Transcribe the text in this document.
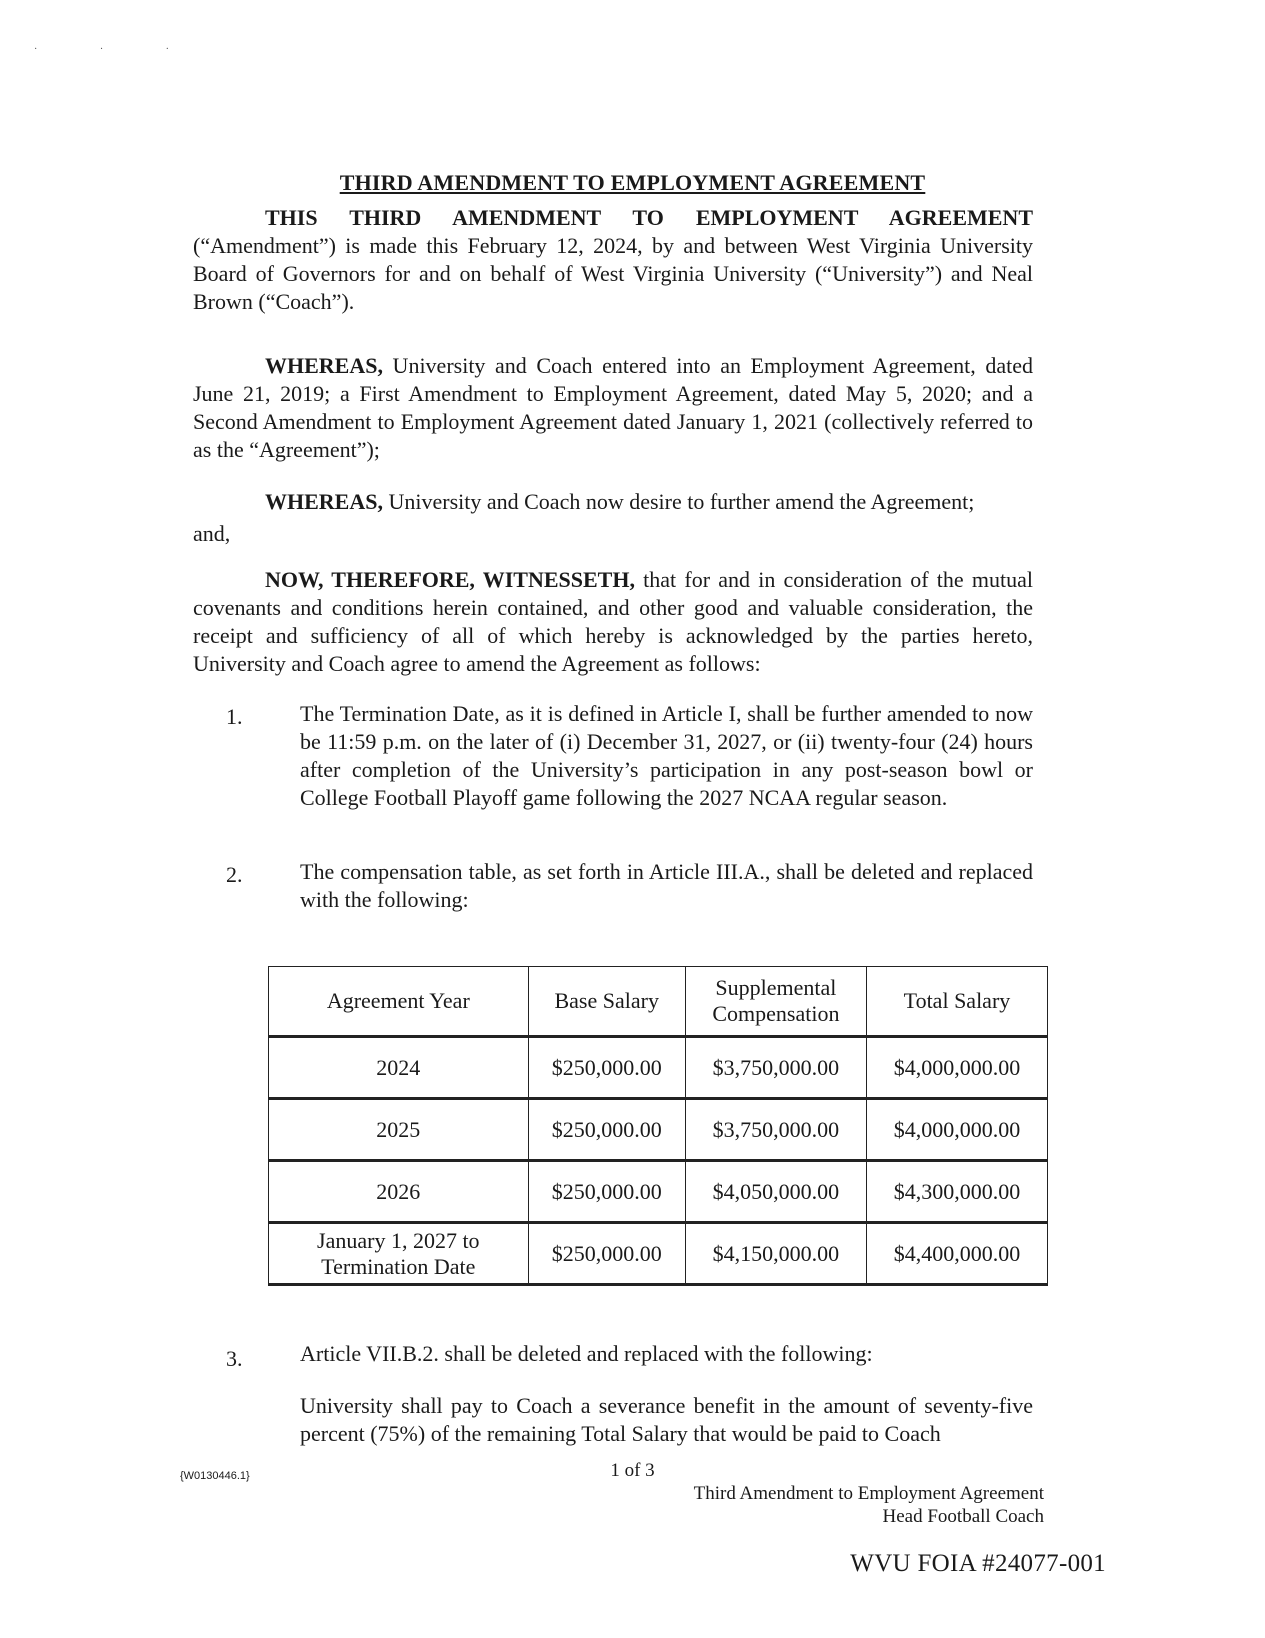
· · ·
THIRD AMENDMENT TO EMPLOYMENT AGREEMENT

THIS THIRD AMENDMENT TO EMPLOYMENT AGREEMENT (“Amendment”) is made this February 12, 2024, by and between West Virginia University Board of Governors for and on behalf of West Virginia University (“University”) and Neal Brown (“Coach”).

WHEREAS, University and Coach entered into an Employment Agreement, dated June 21, 2019; a First Amendment to Employment Agreement, dated May 5, 2020; and a Second Amendment to Employment Agreement dated January 1, 2021 (collectively referred to as the “Agreement”);

WHEREAS, University and Coach now desire to further amend the Agreement;

and,

NOW, THEREFORE, WITNESSETH, that for and in consideration of the mutual covenants and conditions herein contained, and other good and valuable consideration, the receipt and sufficiency of all of which hereby is acknowledged by the parties hereto, University and Coach agree to amend the Agreement as follows:

1.	The Termination Date, as it is defined in Article I, shall be further amended to now be 11:59 p.m. on the later of (i) December 31, 2027, or (ii) twenty-four (24) hours after completion of the University’s participation in any post-season bowl or College Football Playoff game following the 2027 NCAA regular season.
2.	The compensation table, as set forth in Article III.A., shall be deleted and replaced with the following:
Agreement Year	Base Salary	Supplemental Compensation	Total Salary
2024	$250,000.00	$3,750,000.00	$4,000,000.00
2025	$250,000.00	$3,750,000.00	$4,000,000.00
2026	$250,000.00	$4,050,000.00	$4,300,000.00
January 1, 2027 to Termination Date	$250,000.00	$4,150,000.00	$4,400,000.00
3.	Article VII.B.2. shall be deleted and replaced with the following:
University shall pay to Coach a severance benefit in the amount of seventy-five percent (75%) of the remaining Total Salary that would be paid to Coach
{W0130446.1}	1 of 3
Third Amendment to Employment Agreement
Head Football Coach
WVU FOIA #24077-001
